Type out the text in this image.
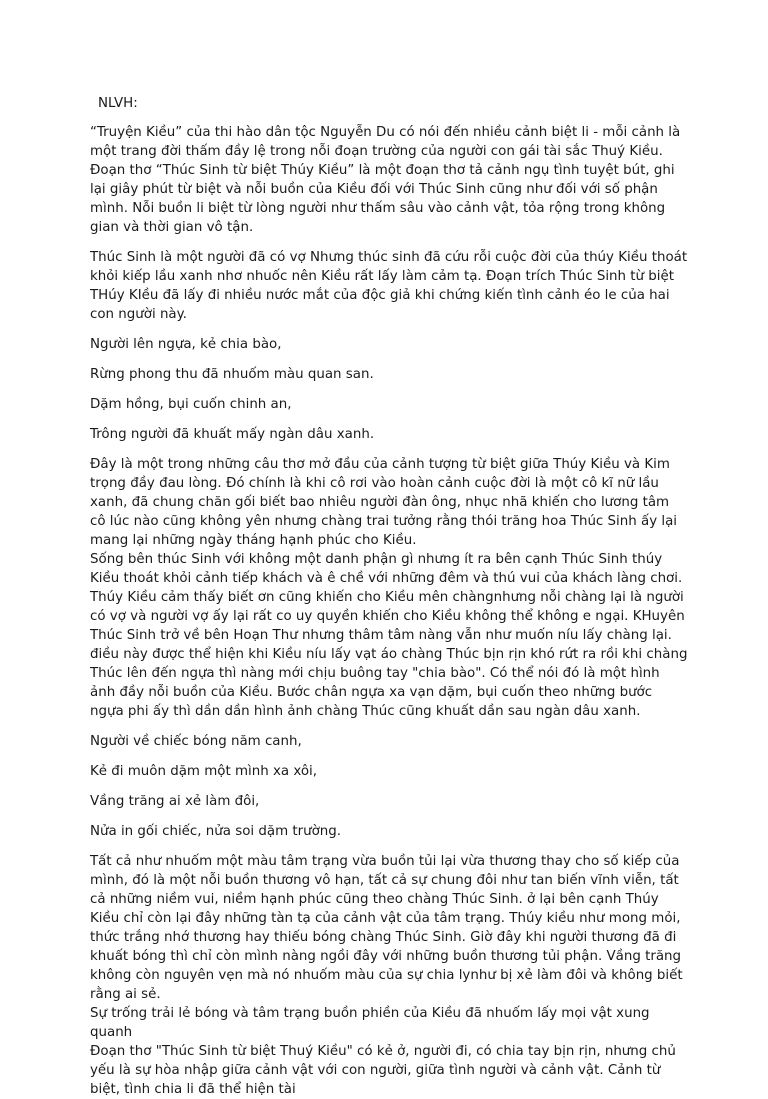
NLVH:

“Truyện Kiều” của thi hào dân tộc Nguyễn Du có nói đến nhiều cảnh biệt li - mỗi cảnh là một trang đời thấm đầy lệ trong nỗi đoạn trường của người con gái tài sắc Thuý Kiều. Đoạn thơ “Thúc Sinh từ biệt Thúy Kiều” là một đoạn thơ tả cảnh ngụ tình tuyệt bút, ghi lại giây phút từ biệt và nỗi buồn của Kiều đối với Thúc Sinh cũng như đối với số phận mình. Nỗi buồn li biệt từ lòng người như thấm sâu vào cảnh vật, tỏa rộng trong không gian và thời gian vô tận.

Thúc Sinh là một người đã có vợ Nhưng thúc sinh đã cứu rỗi cuộc đời của thúy Kiều thoát khỏi kiếp lầu xanh nhơ nhuốc nên Kiều rất lấy làm cảm tạ. Đoạn trích Thúc Sinh từ biệt THúy KIều đã lấy đi nhiều nước mắt của độc giả khi chứng kiến tình cảnh éo le của hai con người này.

Người lên ngựa, kẻ chia bào,

Rừng phong thu đã nhuốm màu quan san.

Dặm hồng, bụi cuốn chinh an,

Trông người đã khuất mấy ngàn dâu xanh.

Đây là một trong những câu thơ mở đầu của cảnh tượng từ biệt giữa Thúy Kiều và Kim trọng đầy đau lòng. Đó chính là khi cô rơi vào hoàn cảnh cuộc đời là một cô kĩ nữ lầu xanh, đã chung chăn gối biết bao nhiêu người đàn ông, nhục nhã khiến cho lương tâm cô lúc nào cũng không yên nhưng chàng trai tưởng rằng thói trăng hoa Thúc Sinh ấy lại mang lại những ngày tháng hạnh phúc cho Kiều.

Sống bên thúc Sinh với không một danh phận gì nhưng ít ra bên cạnh Thúc Sinh thúy Kiều thoát khỏi cảnh tiếp khách và ê chề với những đêm và thú vui của khách làng chơi. Thúy Kiều cảm thấy biết ơn cũng khiến cho Kiều mên chàngnhưng nỗi chàng lại là người có vợ và người vợ ấy lại rất co uy quyền khiến cho Kiều không thể không e ngại. KHuyên Thúc Sinh trở về bên Hoạn Thư nhưng thâm tâm nàng vẫn như muốn níu lấy chàng lại. điều này được thể hiện khi Kiều níu lấy vạt áo chàng Thúc bịn rịn khó rứt ra rồi khi chàng Thúc lên đến ngựa thì nàng mới chịu buông tay "chia bào". Có thể nói đó là một hình ảnh đầy nỗi buồn của Kiều. Bước chân ngựa xa vạn dặm, bụi cuốn theo những bước ngựa phi ấy thì dần dần hình ảnh chàng Thúc cũng khuất dần sau ngàn dâu xanh.

Người về chiếc bóng năm canh,

Kẻ đi muôn dặm một mình xa xôi,

Vầng trăng ai xẻ làm đôi,

Nửa in gối chiếc, nửa soi dặm trường.

Tất cả như nhuốm một màu tâm trạng vừa buồn tủi lại vừa thương thay cho số kiếp của mình, đó là một nỗi buồn thương vô hạn, tất cả sự chung đôi như tan biến vĩnh viễn, tất cả những niềm vui, niềm hạnh phúc cũng theo chàng Thúc Sinh. ở lại bên cạnh Thúy Kiều chỉ còn lại đây những tàn tạ của cảnh vật của tâm trạng. Thúy kiều như mong mỏi, thức trắng nhớ thương hay thiếu bóng chàng Thúc Sinh. Giờ đây khi người thương đã đi khuất bóng thì chỉ còn mình nàng ngồi đây với những buồn thương tủi phận. Vầng trăng không còn nguyên vẹn mà nó nhuốm màu của sự chia lynhư bị xẻ làm đôi và không biết rằng ai sẻ.

Sự trống trải lẻ bóng và tâm trạng buồn phiền của Kiều đã nhuốm lấy mọi vật xung quanh

Đoạn thơ "Thúc Sinh từ biệt Thuý Kiều" có kẻ ở, người đi, có chia tay bịn rịn, nhưng chủ yếu là sự hòa nhập giữa cảnh vật với con người, giữa tình người và cảnh vật. Cảnh từ biệt, tình chia li đã thể hiện tài
